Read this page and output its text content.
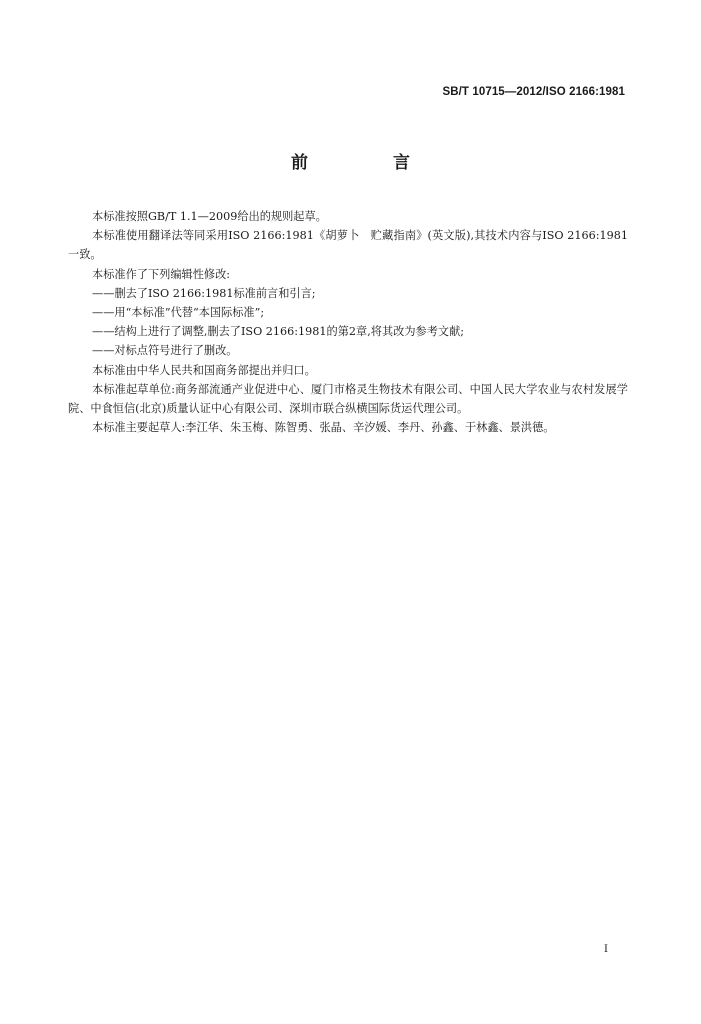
SB/T 10715—2012/ISO 2166:1981
前　言

本标准按照GB/T 1.1—2009给出的规则起草。

本标准使用翻译法等同采用ISO 2166:1981《胡萝卜　贮藏指南》(英文版),其技术内容与ISO 2166:1981一致。

本标准作了下列编辑性修改:

——删去了ISO 2166:1981标准前言和引言;

——用“本标准”代替“本国际标准”;

——结构上进行了调整,删去了ISO 2166:1981的第2章,将其改为参考文献;

——对标点符号进行了删改。

本标准由中华人民共和国商务部提出并归口。

本标准起草单位:商务部流通产业促进中心、厦门市格灵生物技术有限公司、中国人民大学农业与农村发展学院、中食恒信(北京)质量认证中心有限公司、深圳市联合纵横国际货运代理公司。

本标准主要起草人:李江华、朱玉梅、陈智勇、张晶、辛汐媛、李丹、孙鑫、于林鑫、景洪德。

I
